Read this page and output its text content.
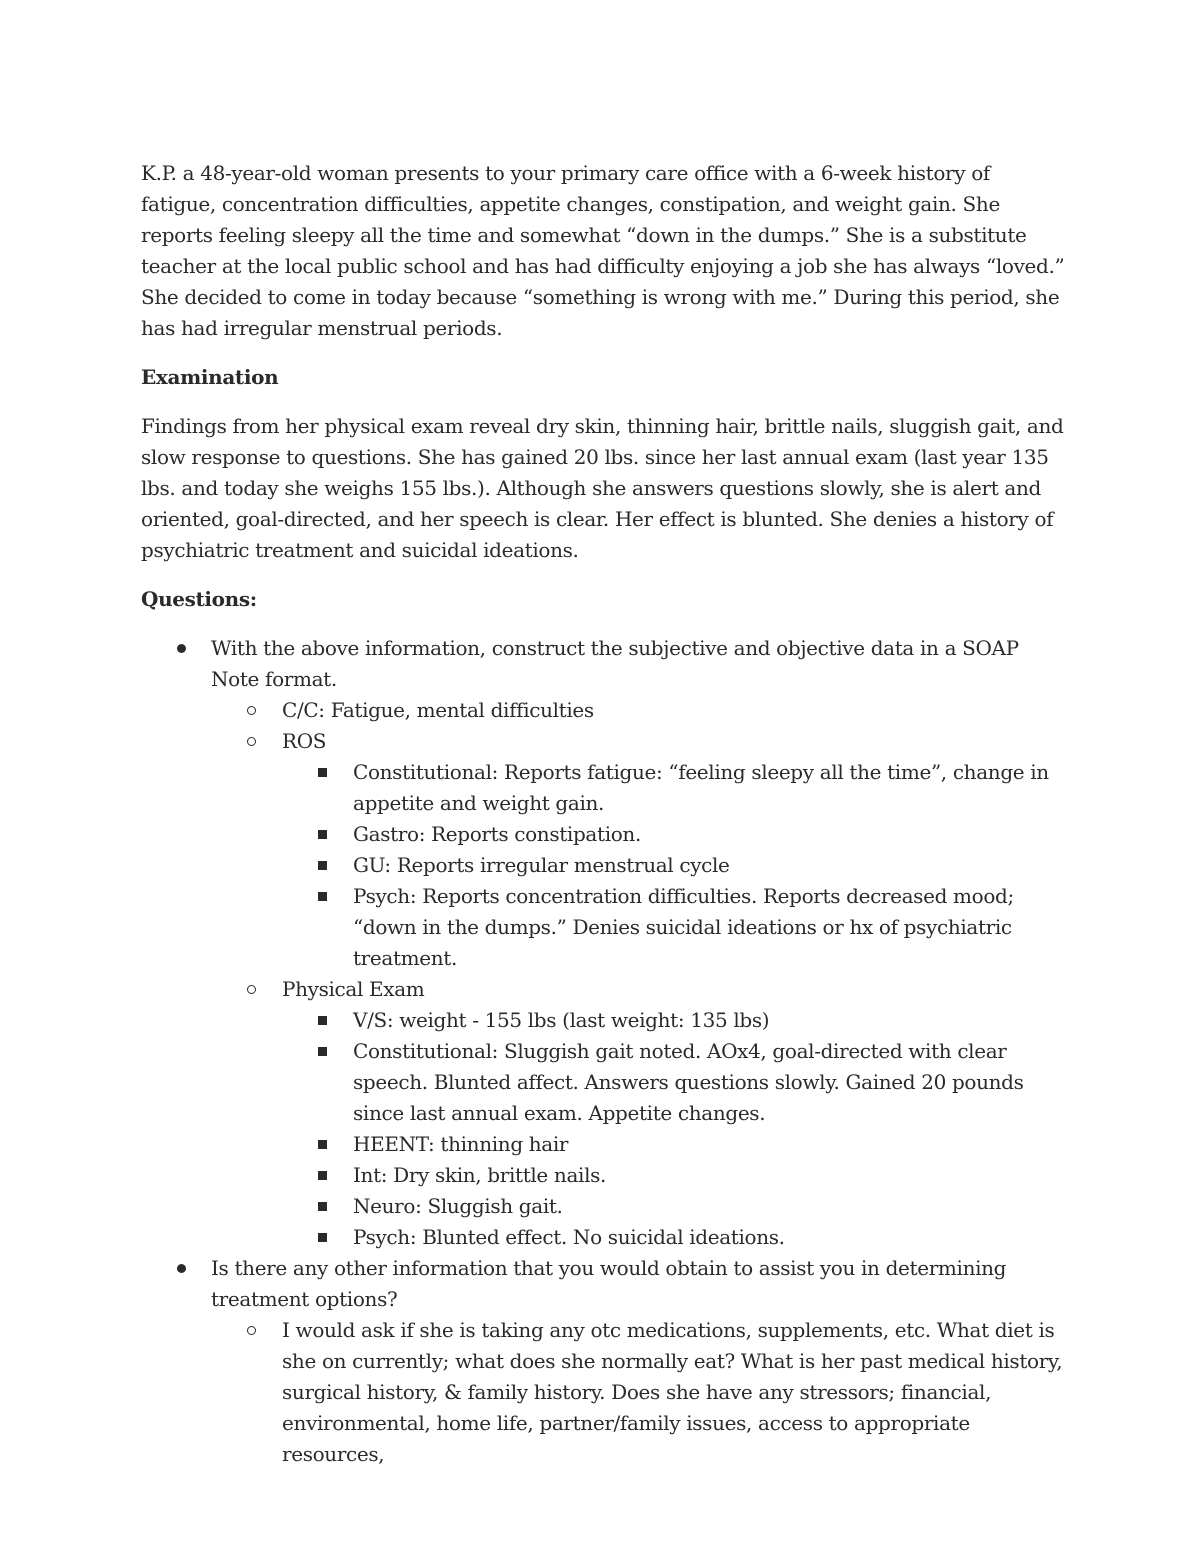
K.P. a 48-year-old woman presents to your primary care office with a 6-week history of fatigue, concentration difficulties, appetite changes, constipation, and weight gain. She reports feeling sleepy all the time and somewhat “down in the dumps.” She is a substitute teacher at the local public school and has had difficulty enjoying a job she has always “loved.” She decided to come in today because “something is wrong with me.” During this period, she has had irregular menstrual periods.

Examination

Findings from her physical exam reveal dry skin, thinning hair, brittle nails, sluggish gait, and slow response to questions. She has gained 20 lbs. since her last annual exam (last year 135 lbs. and today she weighs 155 lbs.). Although she answers questions slowly, she is alert and oriented, goal-directed, and her speech is clear. Her effect is blunted. She denies a history of psychiatric treatment and suicidal ideations.

Questions:
With the above information, construct the subjective and objective data in a SOAP Note format.
C/C: Fatigue, mental difficulties
ROS
Constitutional: Reports fatigue: “feeling sleepy all the time”, change in appetite and weight gain.
Gastro: Reports constipation.
GU: Reports irregular menstrual cycle
Psych: Reports concentration difficulties. Reports decreased mood; “down in the dumps.” Denies suicidal ideations or hx of psychiatric treatment.
Physical Exam
V/S: weight - 155 lbs (last weight: 135 lbs)
Constitutional: Sluggish gait noted. AOx4, goal-directed with clear speech. Blunted affect. Answers questions slowly. Gained 20 pounds since last annual exam. Appetite changes.
HEENT: thinning hair
Int: Dry skin, brittle nails.
Neuro: Sluggish gait.
Psych: Blunted effect. No suicidal ideations.
Is there any other information that you would obtain to assist you in determining treatment options?
I would ask if she is taking any otc medications, supplements, etc. What diet is she on currently; what does she normally eat? What is her past medical history, surgical history, & family history. Does she have any stressors; financial, environmental, home life, partner/family issues, access to appropriate resources,
